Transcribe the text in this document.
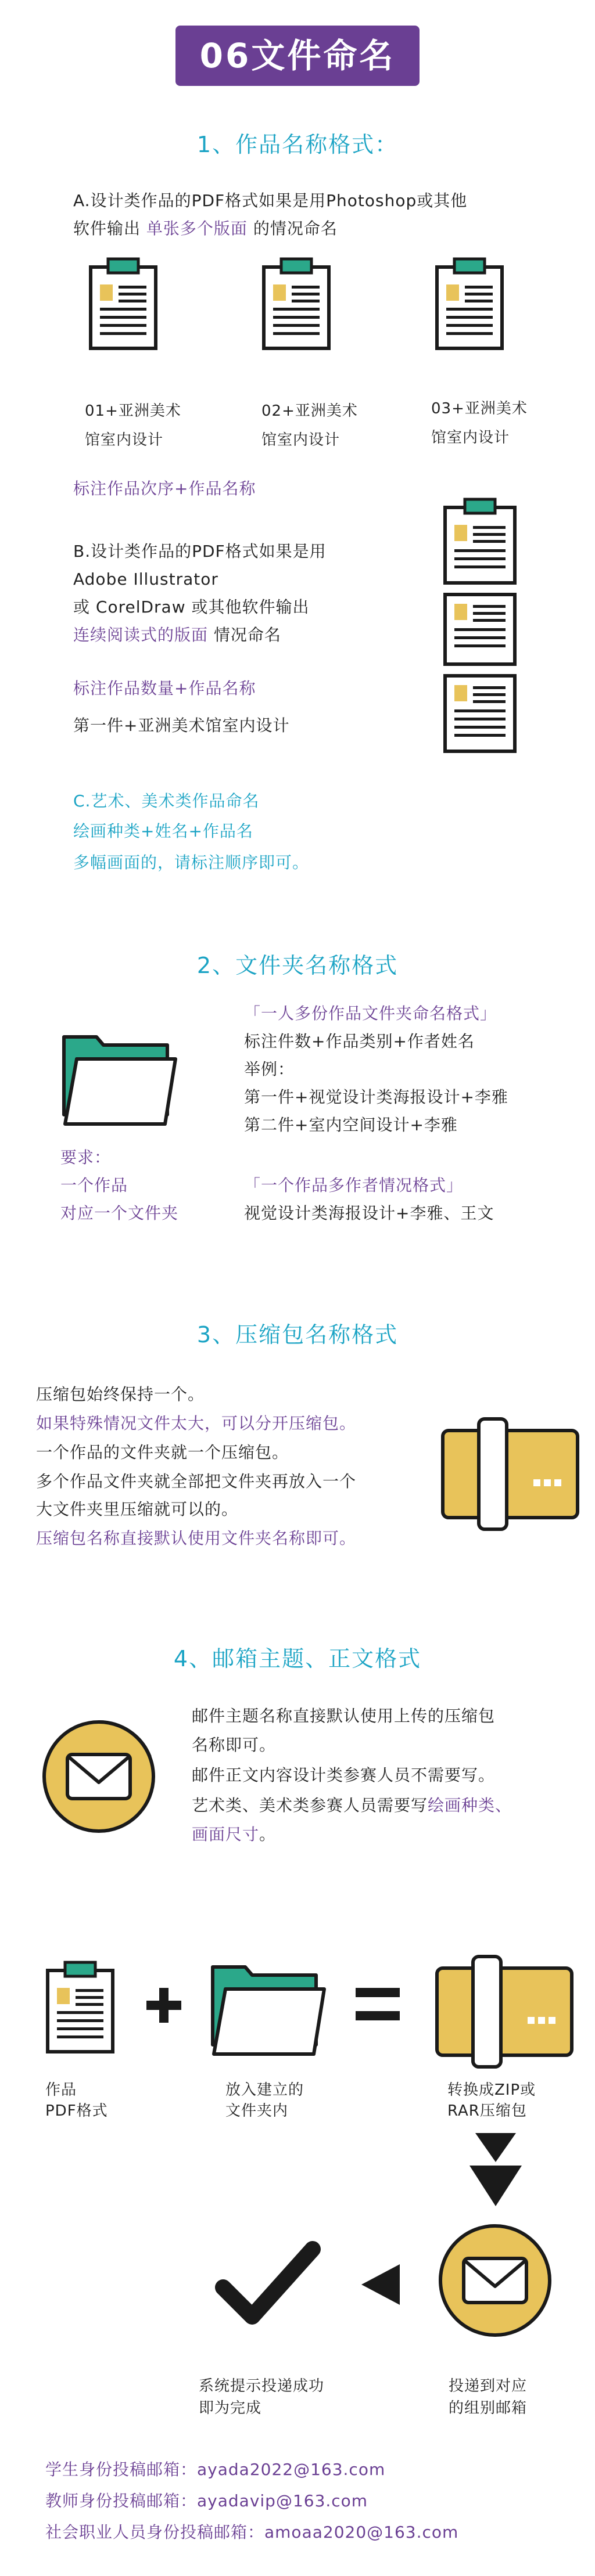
06文件命名
1、作品名称格式：
A.设计类作品的PDF格式如果是用Photoshop或其他
软件输出 单张多个版面 的情况命名
01+亚洲美术
馆室内设计
02+亚洲美术
馆室内设计
03+亚洲美术
馆室内设计
标注作品次序+作品名称
B.设计类作品的PDF格式如果是用
Adobe Illustrator
或 CorelDraw 或其他软件输出
连续阅读式的版面 情况命名
标注作品数量+作品名称
第一件+亚洲美术馆室内设计
C.艺术、美术类作品命名
绘画种类+姓名+作品名
多幅画面的，请标注顺序即可。
2、文件夹名称格式
「一人多份作品文件夹命名格式」
标注件数+作品类别+作者姓名
举例：
第一件+视觉设计类海报设计+李雅
第二件+室内空间设计+李雅
要求：
一个作品
对应一个文件夹
「一个作品多作者情况格式」
视觉设计类海报设计+李雅、王文
3、压缩包名称格式
压缩包始终保持一个。
如果特殊情况文件太大，可以分开压缩包。
一个作品的文件夹就一个压缩包。
多个作品文件夹就全部把文件夹再放入一个
大文件夹里压缩就可以的。
压缩包名称直接默认使用文件夹名称即可。
4、邮箱主题、正文格式
邮件主题名称直接默认使用上传的压缩包
名称即可。
邮件正文内容设计类参赛人员不需要写。
艺术类、美术类参赛人员需要写绘画种类、
画面尺寸。
作品
PDF格式
放入建立的
文件夹内
转换成ZIP或
RAR压缩包
系统提示投递成功
即为完成
投递到对应
的组别邮箱
学生身份投稿邮箱：ayada2022@163.com
教师身份投稿邮箱：ayadavip@163.com
社会职业人员身份投稿邮箱：amoaa2020@163.com
